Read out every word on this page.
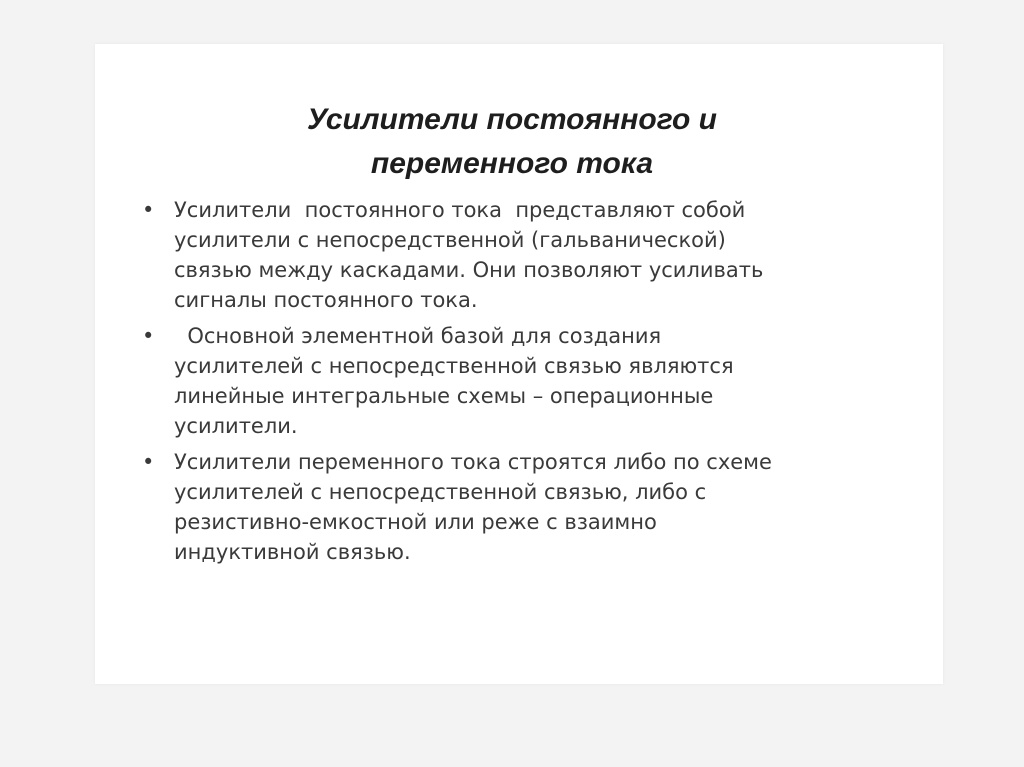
Усилители постоянного и
переменного тока
• Усилители  постоянного тока  представляют собой
усилители с непосредственной (гальванической)
связью между каскадами. Они позволяют усиливать
сигналы постоянного тока.
• Основной элементной базой для создания
усилителей с непосредственной связью являются
линейные интегральные схемы – операционные
усилители.
• Усилители переменного тока строятся либо по схеме
усилителей с непосредственной связью, либо с
резистивно-емкостной или реже с взаимно
индуктивной связью.
